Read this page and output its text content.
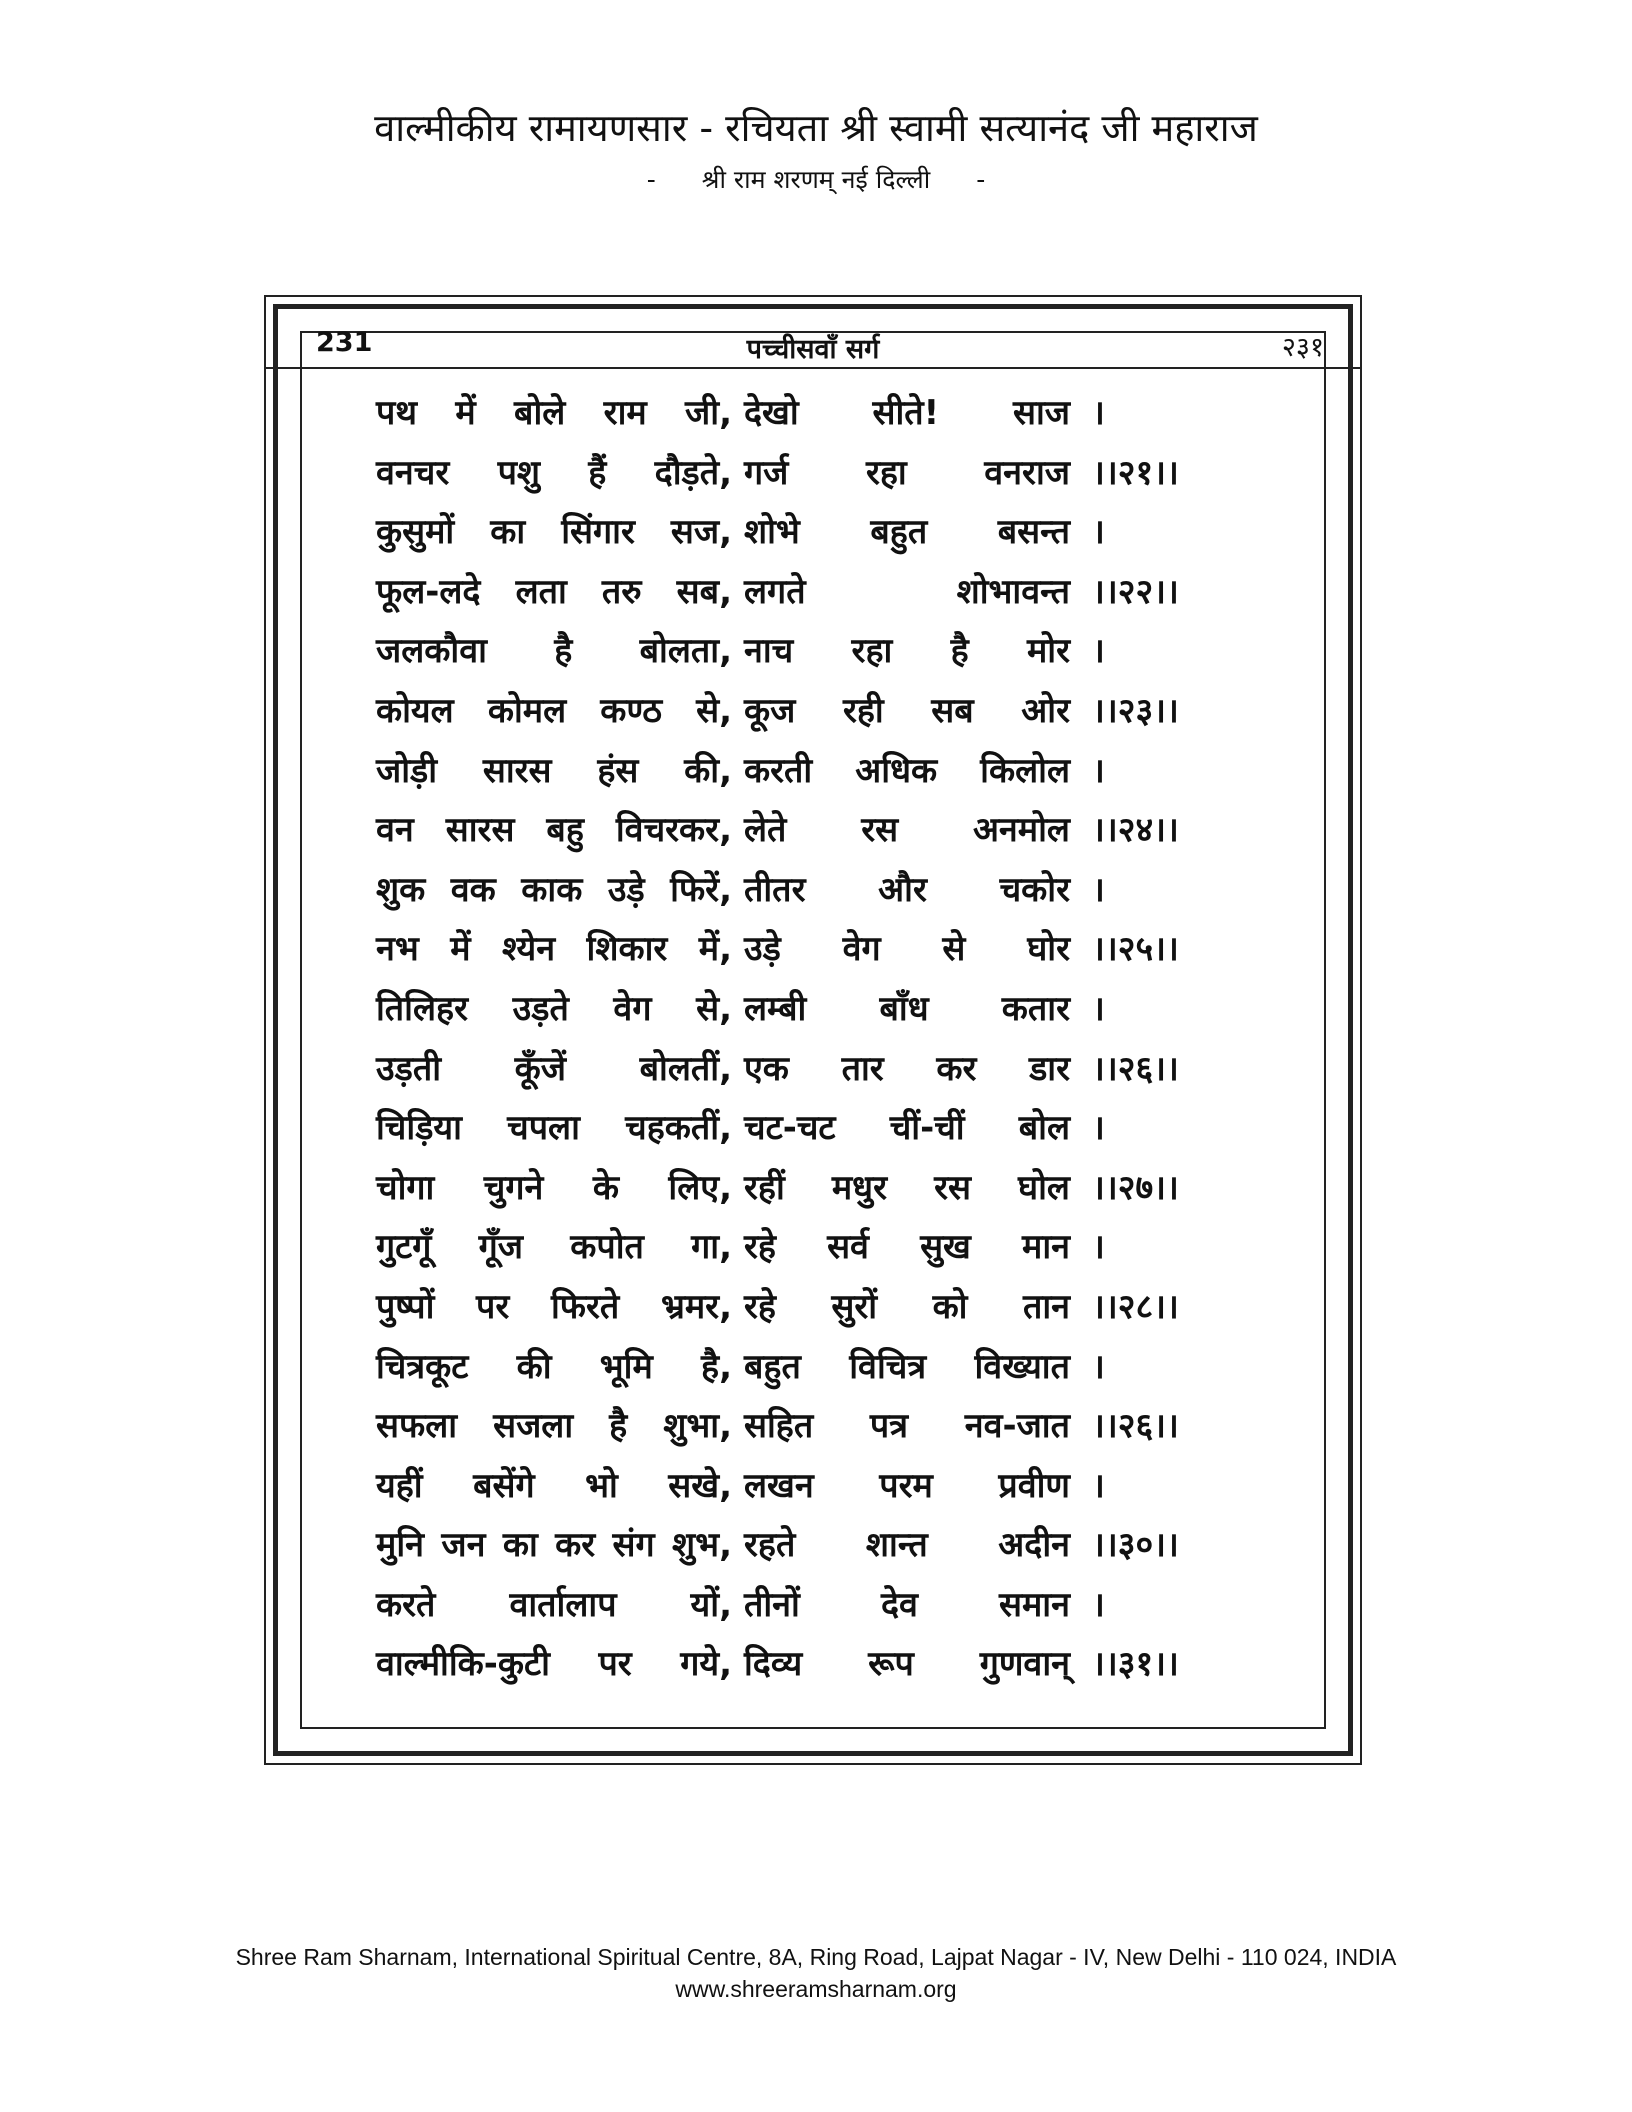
वाल्मीकीय रामायणसार - रचियता श्री स्वामी सत्यानंद जी महाराज
- श्री राम शरणम् नई दिल्ली -
231	पच्चीसवाँ सर्ग	२३१
पथ में बोले राम जी, देखो सीते! साज ।
वनचर पशु हैं दौड़ते, गर्ज रहा वनराज ।।२१।।
कुसुमों का सिंगार सज, शोभे बहुत बसन्त ।
फूल-लदे लता तरु सब, लगते शोभावन्त ।।२२।।
जलकौवा है बोलता, नाच रहा है मोर ।
कोयल कोमल कण्ठ से, कूज रही सब ओर ।।२३।।
जोड़ी सारस हंस की, करती अधिक किलोल ।
वन सारस बहु विचरकर, लेते रस अनमोल ।।२४।।
शुक वक काक उड़े फिरें, तीतर और चकोर ।
नभ में श्येन शिकार में, उड़े वेग से घोर ।।२५।।
तिलिहर उड़ते वेग से, लम्बी बाँध कतार ।
उड़ती कूँजें बोलतीं, एक तार कर डार ।।२६।।
चिड़िया चपला चहकतीं, चट-चट चीं-चीं बोल ।
चोगा चुगने के लिए, रहीं मधुर रस घोल ।।२७।।
गुटगूँ गूँज कपोत गा, रहे सर्व सुख मान ।
पुष्पों पर फिरते भ्रमर, रहे सुरों को तान ।।२८।।
चित्रकूट की भूमि है, बहुत विचित्र विख्यात ।
सफला सजला है शुभा, सहित पत्र नव-जात ।।२६।।
यहीं बसेंगे भो सखे, लखन परम प्रवीण ।
मुनि जन का कर संग शुभ, रहते शान्त अदीन ।।३०।।
करते वार्तालाप यों, तीनों देव समान ।
वाल्मीकि-कुटी पर गये, दिव्य रूप गुणवान् ।।३१।।
Shree Ram Sharnam, International Spiritual Centre, 8A, Ring Road, Lajpat Nagar - IV, New Delhi - 110 024, INDIA
www.shreeramsharnam.org
